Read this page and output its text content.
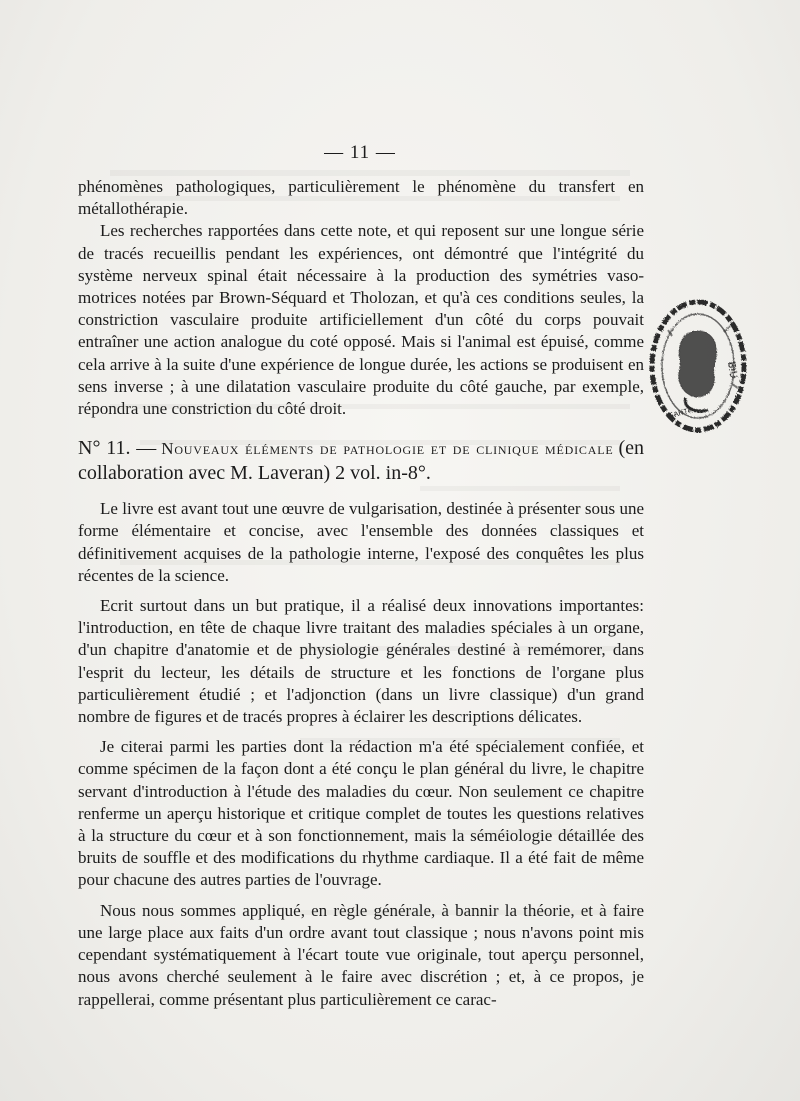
— 11 —

phénomènes pathologiques, particulièrement le phénomène du transfert en métallothérapie.

Les recherches rapportées dans cette note, et qui reposent sur une longue série de tracés recueillis pendant les expériences, ont démontré que l'intégrité du système nerveux spinal était nécessaire à la production des symétries vaso-motrices notées par Brown-Séquard et Tholozan, et qu'à ces conditions seules, la constriction vasculaire produite artificiellement d'un côté du corps pouvait entraîner une action analogue du coté opposé. Mais si l'animal est épuisé, comme cela arrive à la suite d'une expérience de longue durée, les actions se produisent en sens inverse ; à une dilatation vasculaire produite du côté gauche, par exemple, répondra une constriction du côté droit.

N° 11. — Nouveaux éléments de pathologie et de clinique médicale (en collaboration avec M. Laveran) 2 vol. in-8°.

Le livre est avant tout une œuvre de vulgarisation, destinée à présenter sous une forme élémentaire et concise, avec l'ensemble des données classiques et définitivement acquises de la pathologie interne, l'exposé des conquêtes les plus récentes de la science.

Ecrit surtout dans un but pratique, il a réalisé deux innovations importantes: l'introduction, en tête de chaque livre traitant des maladies spéciales à un organe, d'un chapitre d'anatomie et de physiologie générales destiné à remémorer, dans l'esprit du lecteur, les détails de structure et les fonctions de l'organe plus particulièrement étudié ; et l'adjonction (dans un livre classique) d'un grand nombre de figures et de tracés propres à éclairer les descriptions délicates.

Je citerai parmi les parties dont la rédaction m'a été spécialement confiée, et comme spécimen de la façon dont a été conçu le plan général du livre, le chapitre servant d'introduction à l'étude des maladies du cœur. Non seulement ce chapitre renferme un aperçu historique et critique complet de toutes les questions relatives à la structure du cœur et à son fonctionnement, mais la séméiologie détaillée des bruits de souffle et des modifications du rhythme cardiaque. Il a été fait de même pour chacune des autres parties de l'ouvrage.

Nous nous sommes appliqué, en règle générale, à bannir la théorie, et à faire une large place aux faits d'un ordre avant tout classique ; nous n'avons point mis cependant systématiquement à l'écart toute vue originale, tout aperçu personnel, nous avons cherché seulement à le faire avec discrétion ; et, à ce propos, je rappellerai, comme présentant plus particulièrement ce carac-

BIU
SANTÉ
